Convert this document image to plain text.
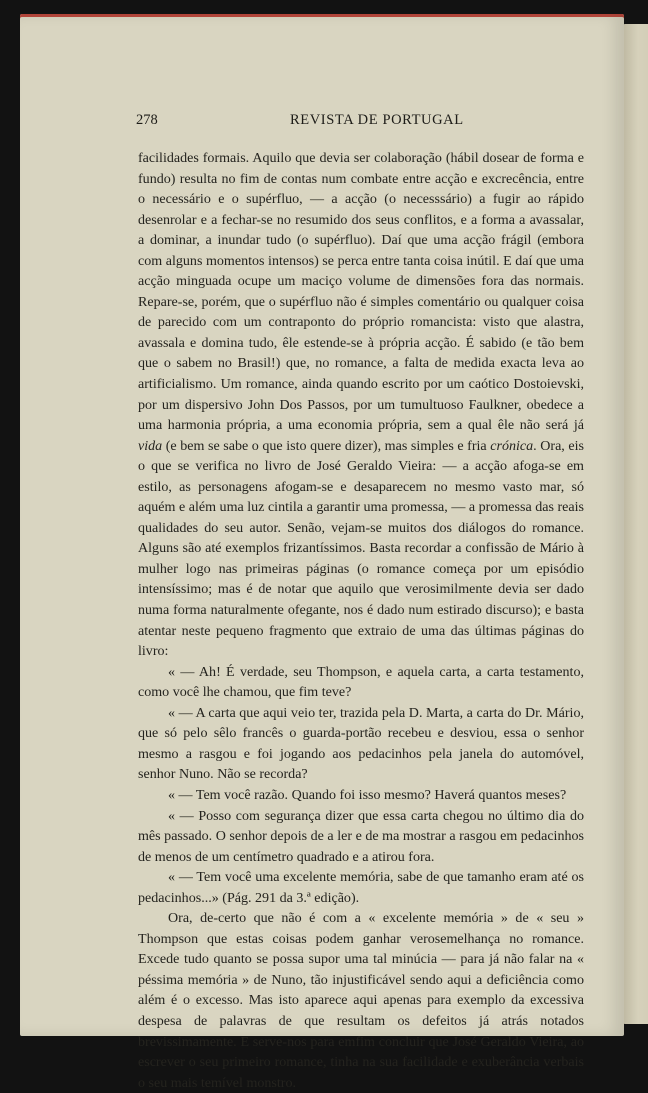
278	REVISTA DE PORTUGAL

facilidades formais. Aquilo que devia ser colaboração (hábil dosear de forma e fundo) resulta no fim de contas num combate entre acção e excrecência, entre o necessário e o supérfluo, — a acção (o necesssário) a fugir ao rápido desenrolar e a fechar-se no resumido dos seus conflitos, e a forma a avassalar, a dominar, a inundar tudo (o supérfluo). Daí que uma acção frágil (embora com alguns momentos intensos) se perca entre tanta coisa inútil. E daí que uma acção minguada ocupe um maciço volume de dimensões fora das normais. Repare-se, porém, que o supérfluo não é simples comentário ou qualquer coisa de parecido com um contraponto do próprio romancista: visto que alastra, avassala e domina tudo, êle estende-se à própria acção. É sabido (e tão bem que o sabem no Brasil!) que, no romance, a falta de medida exacta leva ao artificialismo. Um romance, ainda quando escrito por um caótico Dostoievski, por um dispersivo John Dos Passos, por um tumultuoso Faulkner, obedece a uma harmonia própria, a uma economia própria, sem a qual êle não será já vida (e bem se sabe o que isto quere dizer), mas simples e fria crónica. Ora, eis o que se verifica no livro de José Geraldo Vieira: — a acção afoga-se em estilo, as personagens afogam-se e desaparecem no mesmo vasto mar, só aquém e além uma luz cintila a garantir uma promessa, — a promessa das reais qualidades do seu autor. Senão, vejam-se muitos dos diálogos do romance. Alguns são até exemplos frizantíssimos. Basta recordar a confissão de Mário à mulher logo nas primeiras páginas (o romance começa por um episódio intensíssimo; mas é de notar que aquilo que verosimilmente devia ser dado numa forma naturalmente ofegante, nos é dado num estirado discurso); e basta atentar neste pequeno fragmento que extraio de uma das últimas páginas do livro:

« — Ah! É verdade, seu Thompson, e aquela carta, a carta testamento, como você lhe chamou, que fim teve?

« — A carta que aqui veio ter, trazida pela D. Marta, a carta do Dr. Mário, que só pelo sêlo francês o guarda-portão recebeu e desviou, essa o senhor mesmo a rasgou e foi jogando aos pedacinhos pela janela do automóvel, senhor Nuno. Não se recorda?

« — Tem você razão. Quando foi isso mesmo? Haverá quantos meses?

« — Posso com segurança dizer que essa carta chegou no último dia do mês passado. O senhor depois de a ler e de ma mostrar a rasgou em pedacinhos de menos de um centímetro quadrado e a atirou fora.

« — Tem você uma excelente memória, sabe de que tamanho eram até os pedacinhos...» (Pág. 291 da 3.ª edição).

Ora, de-certo que não é com a « excelente memória » de « seu » Thompson que estas coisas podem ganhar verosemelhança no romance. Excede tudo quanto se possa supor uma tal minúcia — para já não falar na « péssima memória » de Nuno, tão injustificável sendo aqui a deficiência como além é o excesso. Mas isto aparece aqui apenas para exemplo da excessiva despesa de palavras de que resultam os defeitos já atrás notados brevissimamente. E serve-nos para emfim concluir que José Geraldo Vieira, ao escrever o seu primeiro romance, tinha na sua facilidade e exuberância verbais o seu mais temível monstro.
